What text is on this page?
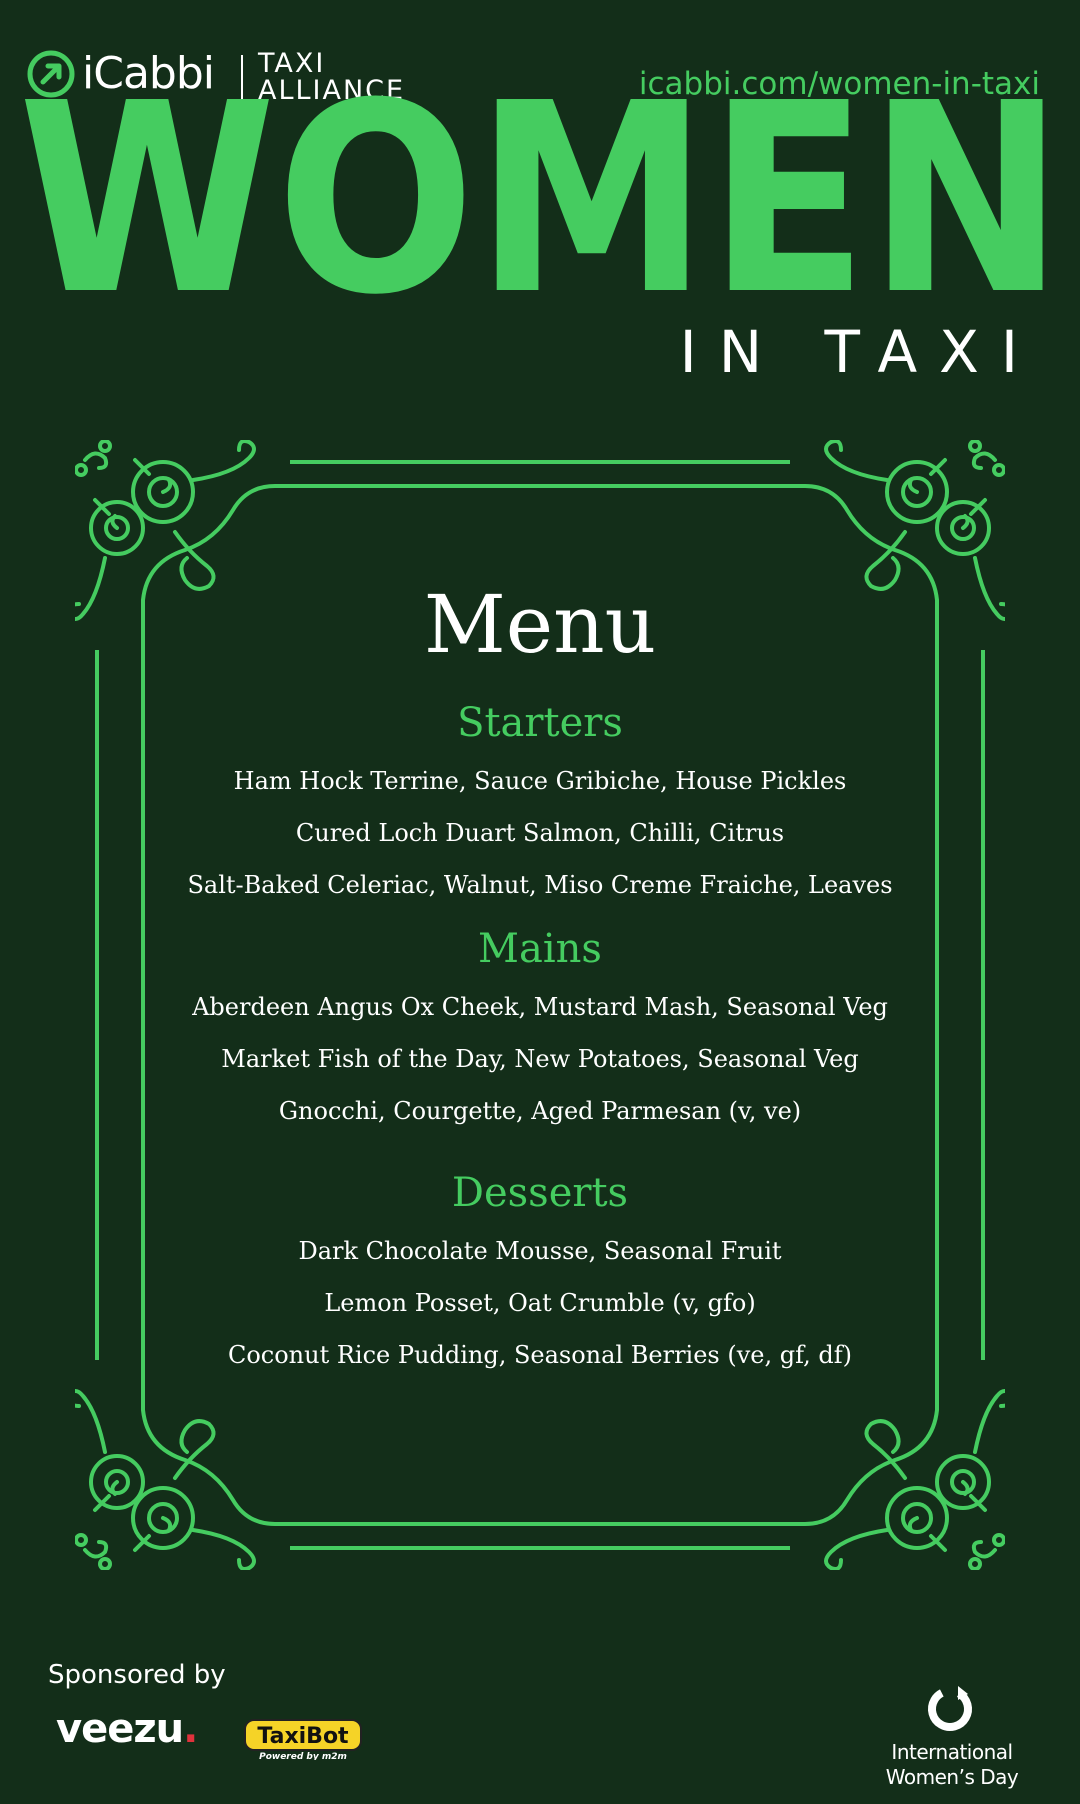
iCabbi TAXI
ALLIANCE	icabbi.com/women-in-taxi
WOMEN
IN TAXI
Menu
Starters
Ham Hock Terrine, Sauce Gribiche, House Pickles
Cured Loch Duart Salmon, Chilli, Citrus
Salt-Baked Celeriac, Walnut, Miso Creme Fraiche, Leaves
Mains
Aberdeen Angus Ox Cheek, Mustard Mash, Seasonal Veg
Market Fish of the Day, New Potatoes, Seasonal Veg
Gnocchi, Courgette, Aged Parmesan (v, ve)
Desserts
Dark Chocolate Mousse, Seasonal Fruit
Lemon Posset, Oat Crumble (v, gfo)
Coconut Rice Pudding, Seasonal Berries (ve, gf, df)
Sponsored by
veezu.	TaxiBot
Powered by m2m	International
Women’s Day
